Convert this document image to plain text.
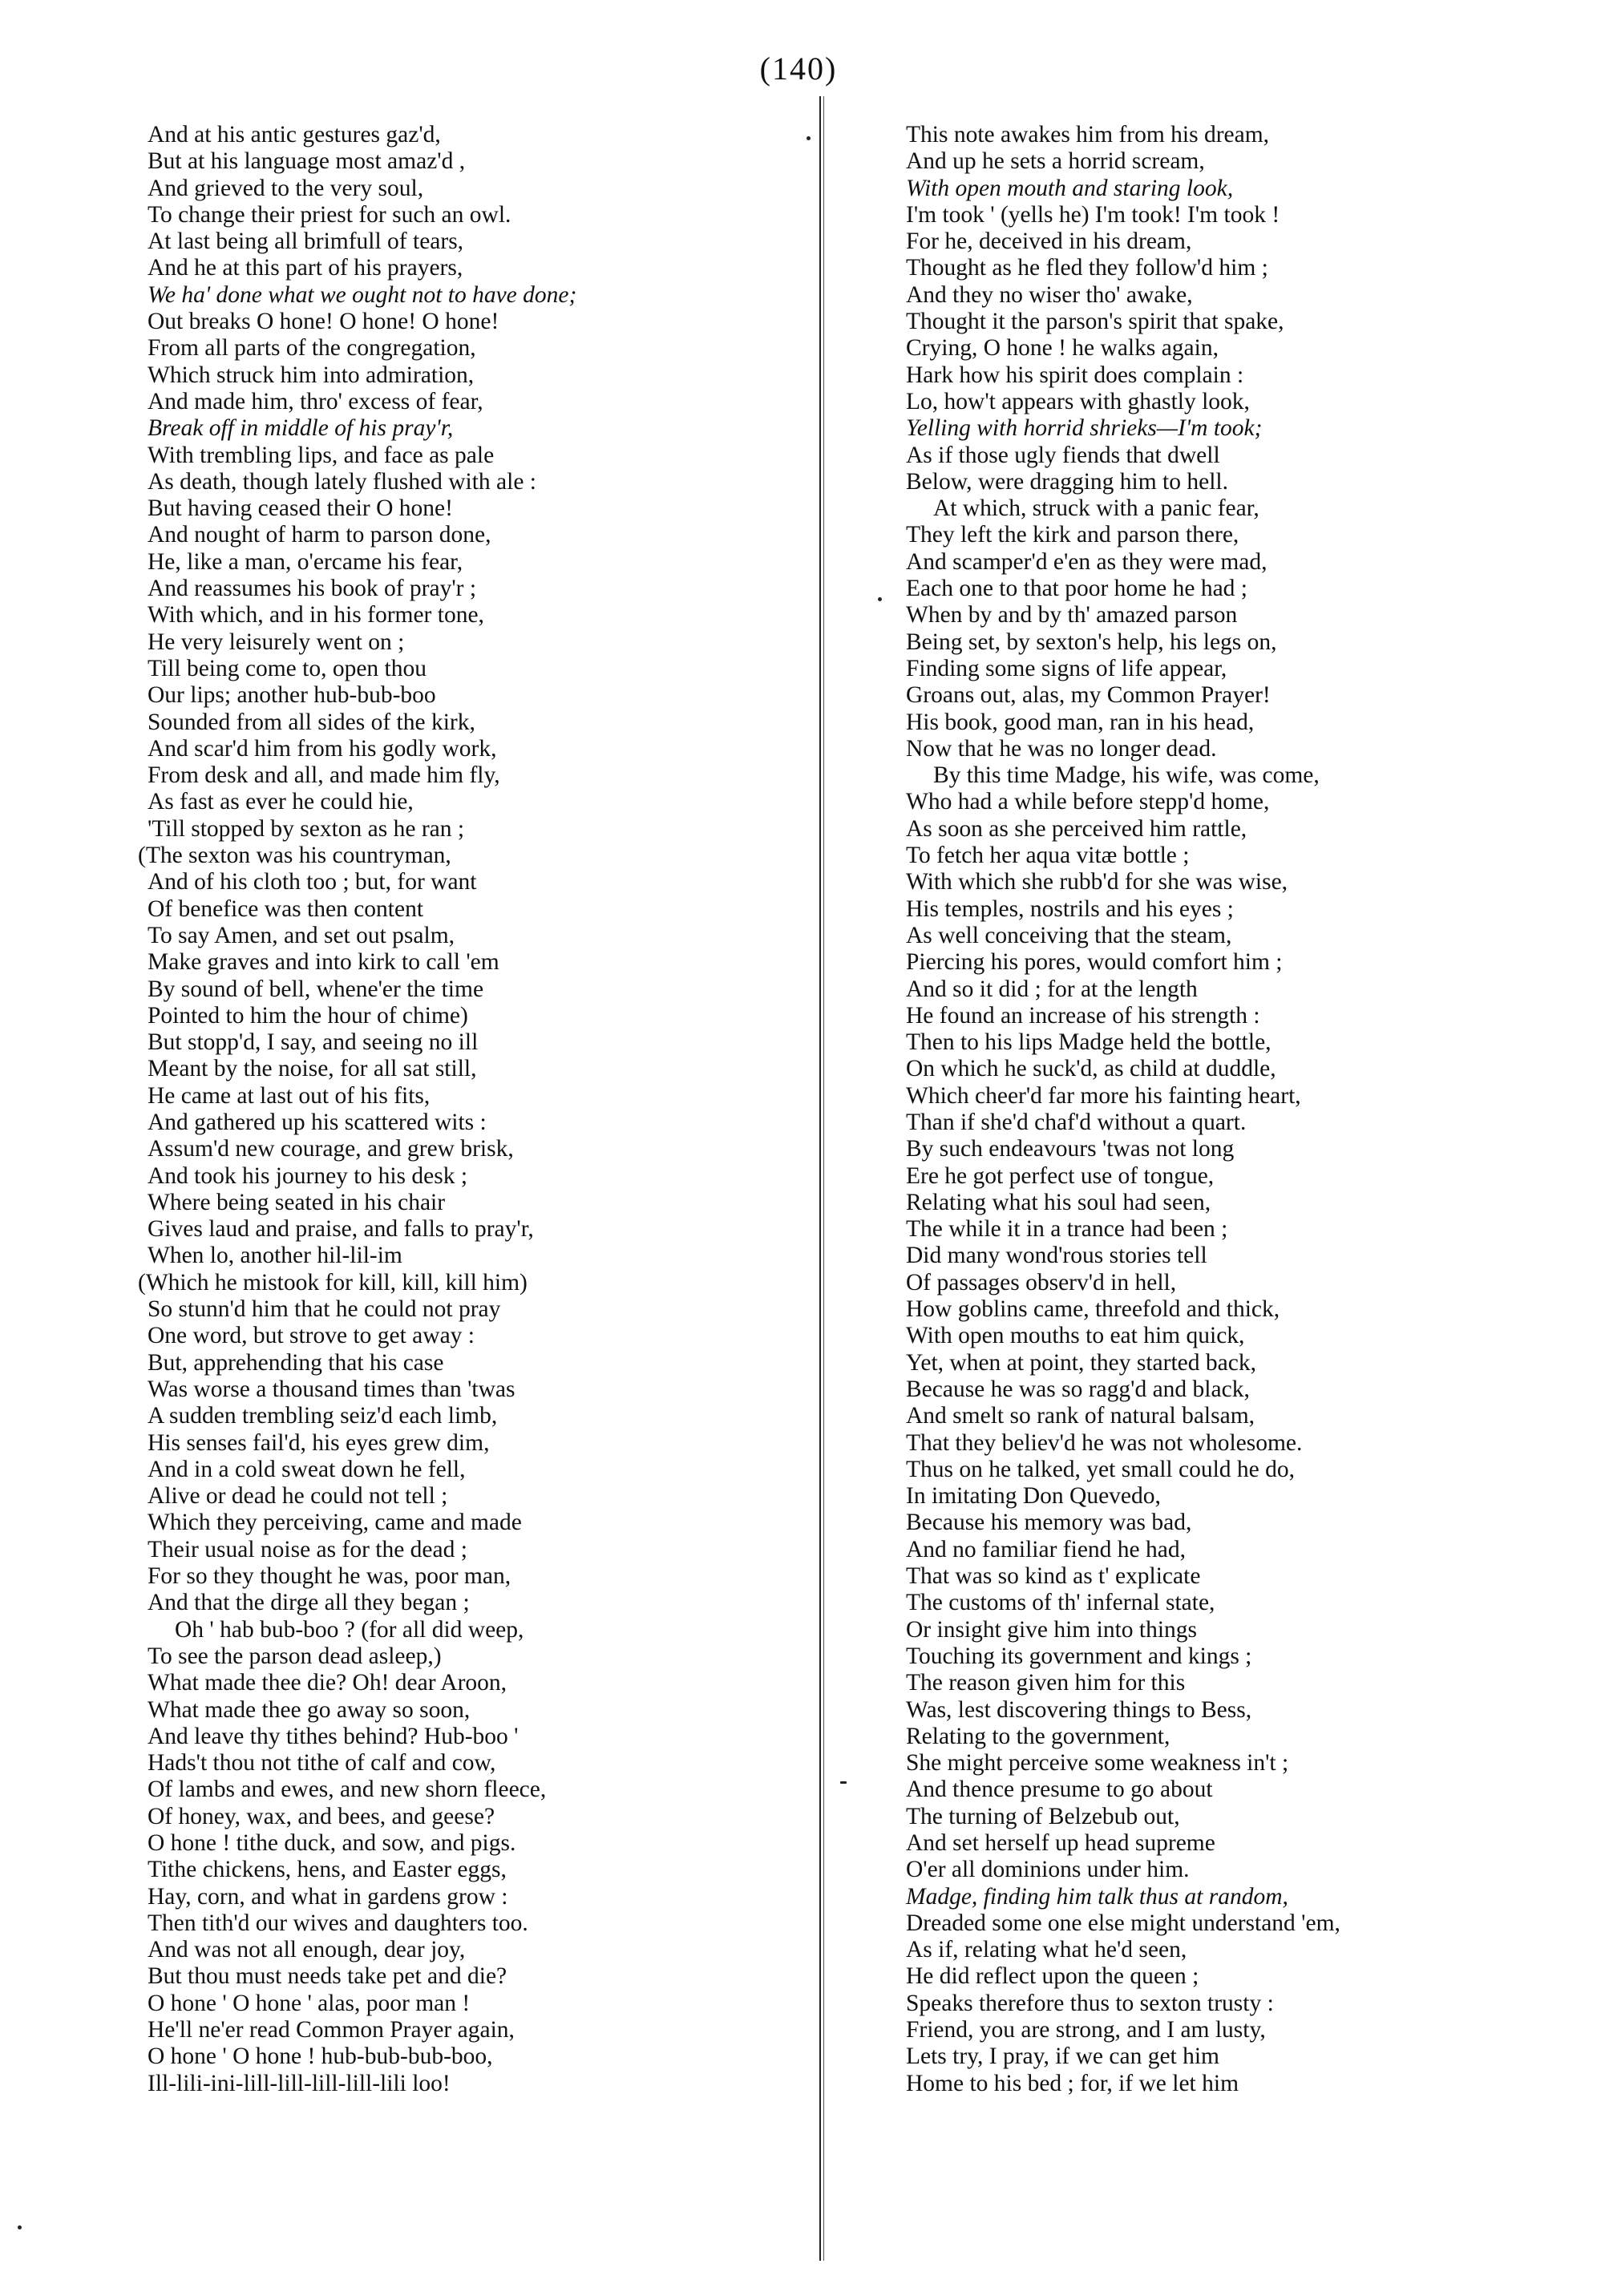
(140)
And at his antic gestures gaz'd,
But at his language most amaz'd ,
And grieved to the very soul,
To change their priest for such an owl.
At last being all brimfull of tears,
And he at this part of his prayers,
We ha' done what we ought not to have done;
Out breaks O hone! O hone! O hone!
From all parts of the congregation,
Which struck him into admiration,
And made him, thro' excess of fear,
Break off in middle of his pray'r,
With trembling lips, and face as pale
As death, though lately flushed with ale :
But having ceased their O hone!
And nought of harm to parson done,
He, like a man, o'ercame his fear,
And reassumes his book of pray'r ;
With which, and in his former tone,
He very leisurely went on ;
Till being come to, open thou
Our lips; another hub-bub-boo
Sounded from all sides of the kirk,
And scar'd him from his godly work,
From desk and all, and made him fly,
As fast as ever he could hie,
'Till stopped by sexton as he ran ;
(The sexton was his countryman,
And of his cloth too ; but, for want
Of benefice was then content
To say Amen, and set out psalm,
Make graves and into kirk to call 'em
By sound of bell, whene'er the time
Pointed to him the hour of chime)
But stopp'd, I say, and seeing no ill
Meant by the noise, for all sat still,
He came at last out of his fits,
And gathered up his scattered wits :
Assum'd new courage, and grew brisk,
And took his journey to his desk ;
Where being seated in his chair
Gives laud and praise, and falls to pray'r,
When lo, another hil-lil-im
(Which he mistook for kill, kill, kill him)
So stunn'd him that he could not pray
One word, but strove to get away :
But, apprehending that his case
Was worse a thousand times than 'twas
A sudden trembling seiz'd each limb,
His senses fail'd, his eyes grew dim,
And in a cold sweat down he fell,
Alive or dead he could not tell ;
Which they perceiving, came and made
Their usual noise as for the dead ;
For so they thought he was, poor man,
And that the dirge all they began ;
Oh ' hab bub-boo ? (for all did weep,
To see the parson dead asleep,)
What made thee die? Oh! dear Aroon,
What made thee go away so soon,
And leave thy tithes behind? Hub-boo '
Hads't thou not tithe of calf and cow,
Of lambs and ewes, and new shorn fleece,
Of honey, wax, and bees, and geese?
O hone ! tithe duck, and sow, and pigs.
Tithe chickens, hens, and Easter eggs,
Hay, corn, and what in gardens grow :
Then tith'd our wives and daughters too.
And was not all enough, dear joy,
But thou must needs take pet and die?
O hone ' O hone ' alas, poor man !
He'll ne'er read Common Prayer again,
O hone ' O hone ! hub-bub-bub-boo,
Ill-lili-ini-lill-lill-lill-lill-lili loo!
This note awakes him from his dream,
And up he sets a horrid scream,
With open mouth and staring look,
I'm took ' (yells he) I'm took! I'm took !
For he, deceived in his dream,
Thought as he fled they follow'd him ;
And they no wiser tho' awake,
Thought it the parson's spirit that spake,
Crying, O hone ! he walks again,
Hark how his spirit does complain :
Lo, how't appears with ghastly look,
Yelling with horrid shrieks—I'm took;
As if those ugly fiends that dwell
Below, were dragging him to hell.
At which, struck with a panic fear,
They left the kirk and parson there,
And scamper'd e'en as they were mad,
Each one to that poor home he had ;
When by and by th' amazed parson
Being set, by sexton's help, his legs on,
Finding some signs of life appear,
Groans out, alas, my Common Prayer!
His book, good man, ran in his head,
Now that he was no longer dead.
By this time Madge, his wife, was come,
Who had a while before stepp'd home,
As soon as she perceived him rattle,
To fetch her aqua vitæ bottle ;
With which she rubb'd for she was wise,
His temples, nostrils and his eyes ;
As well conceiving that the steam,
Piercing his pores, would comfort him ;
And so it did ; for at the length
He found an increase of his strength :
Then to his lips Madge held the bottle,
On which he suck'd, as child at duddle,
Which cheer'd far more his fainting heart,
Than if she'd chaf'd without a quart.
By such endeavours 'twas not long
Ere he got perfect use of tongue,
Relating what his soul had seen,
The while it in a trance had been ;
Did many wond'rous stories tell
Of passages observ'd in hell,
How goblins came, threefold and thick,
With open mouths to eat him quick,
Yet, when at point, they started back,
Because he was so ragg'd and black,
And smelt so rank of natural balsam,
That they believ'd he was not wholesome.
Thus on he talked, yet small could he do,
In imitating Don Quevedo,
Because his memory was bad,
And no familiar fiend he had,
That was so kind as t' explicate
The customs of th' infernal state,
Or insight give him into things
Touching its government and kings ;
The reason given him for this
Was, lest discovering things to Bess,
Relating to the government,
She might perceive some weakness in't ;
And thence presume to go about
The turning of Belzebub out,
And set herself up head supreme
O'er all dominions under him.
Madge, finding him talk thus at random,
Dreaded some one else might understand 'em,
As if, relating what he'd seen,
He did reflect upon the queen ;
Speaks therefore thus to sexton trusty :
Friend, you are strong, and I am lusty,
Lets try, I pray, if we can get him
Home to his bed ; for, if we let him
